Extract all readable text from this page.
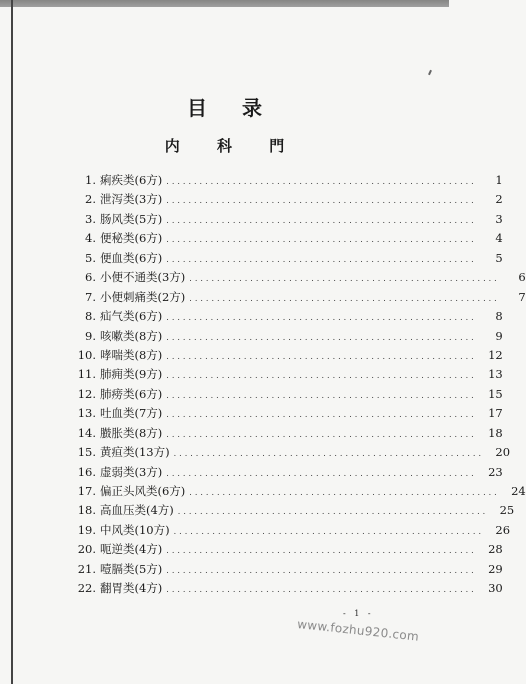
目 录
内 科 門
1. 痢疾类(6方) ........................................................	1
2. 泄泻类(3方) ........................................................	2
3. 肠风类(5方) ........................................................	3
4. 便秘类(6方) ........................................................	4
5. 便血类(6方) ........................................................	5
6. 小便不通类(3方) ........................................................	6
7. 小便刺痛类(2方) ........................................................	7
8. 疝气类(6方) ........................................................	8
9. 咳嗽类(8方) ........................................................	9
10. 哮喘类(8方) ........................................................ 12
11. 肺痈类(9方) ........................................................ 13
12. 肺痨类(6方) ........................................................ 15
13. 吐血类(7方) ........................................................ 17
14. 臌胀类(8方) ........................................................ 18
15. 黄疸类(13方) ........................................................ 20
16. 虚弱类(3方) ........................................................ 23
17. 偏正头风类(6方) ........................................................ 24
18. 高血压类(4方) ........................................................ 25
19. 中风类(10方) ........................................................ 26
20. 呃逆类(4方) ........................................................ 28
21. 噎膈类(5方) ........................................................ 29
22. 翻胃类(4方) ........................................................ 30
- 1 -
www.fozhu920.com
